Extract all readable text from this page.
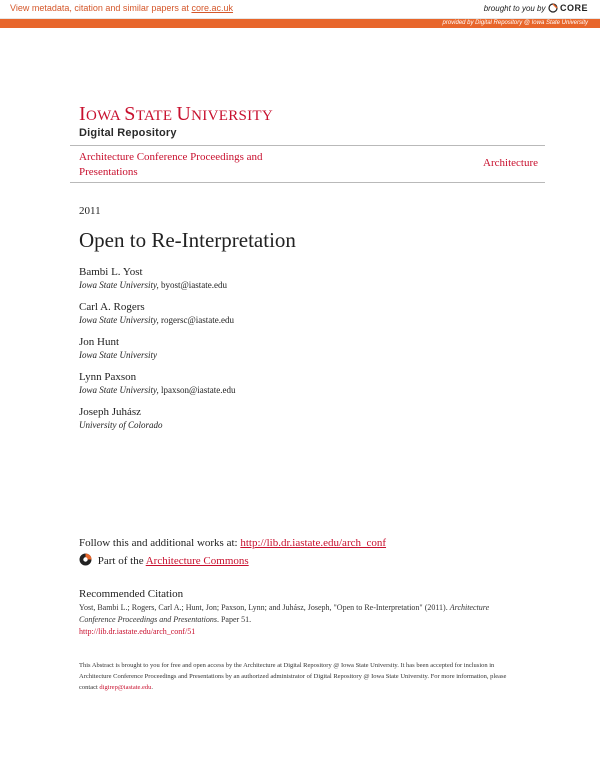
View metadata, citation and similar papers at core.ac.uk	brought to you by CORE
provided by Digital Repository @ Iowa State University
IOWA STATE UNIVERSITY
Digital Repository
Architecture Conference Proceedings and Presentations
Architecture
2011
Open to Re-Interpretation
Bambi L. Yost
Iowa State University, byost@iastate.edu
Carl A. Rogers
Iowa State University, rogersc@iastate.edu
Jon Hunt
Iowa State University
Lynn Paxson
Iowa State University, lpaxson@iastate.edu
Joseph Juhász
University of Colorado
Follow this and additional works at: http://lib.dr.iastate.edu/arch_conf
Part of the Architecture Commons
Recommended Citation
Yost, Bambi L.; Rogers, Carl A.; Hunt, Jon; Paxson, Lynn; and Juhász, Joseph, "Open to Re-Interpretation" (2011). Architecture Conference Proceedings and Presentations. Paper 51.
http://lib.dr.iastate.edu/arch_conf/51
This Abstract is brought to you for free and open access by the Architecture at Digital Repository @ Iowa State University. It has been accepted for inclusion in Architecture Conference Proceedings and Presentations by an authorized administrator of Digital Repository @ Iowa State University. For more information, please contact digirep@iastate.edu.
